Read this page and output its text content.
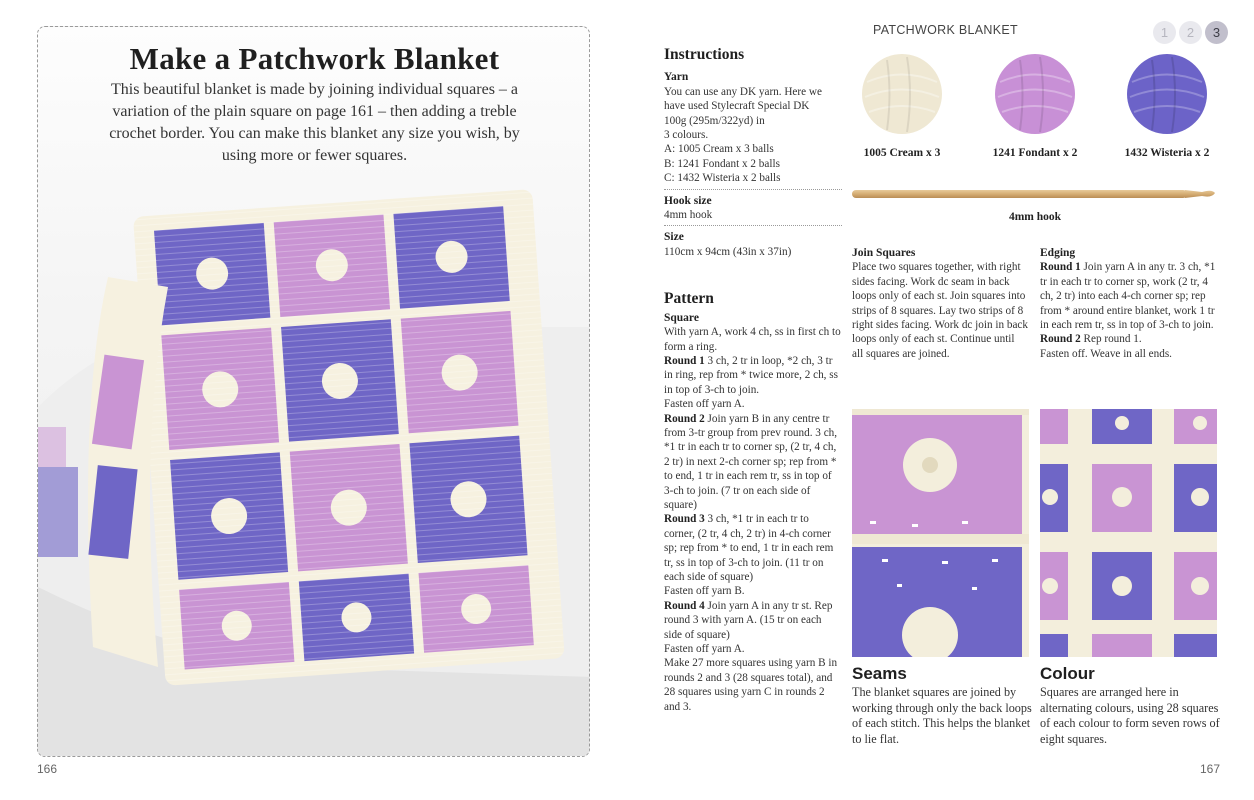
Make a Patchwork Blanket
This beautiful blanket is made by joining individual squares – a variation of the plain square on page 161 – then adding a treble crochet border. You can make this blanket any size you wish, by using more or fewer squares.
166
PATCHWORK BLANKET	1	2	3
Instructions
Yarn
You can use any DK yarn. Here we
have used Stylecraft Special DK
100g (295m/322yd) in
3 colours.
A: 1005 Cream x 3 balls
B: 1241 Fondant x 2 balls
C: 1432 Wisteria x 2 balls
Hook size
4mm hook
Size
110cm x 94cm (43in x 37in)
Pattern
Square
With yarn A, work 4 ch, ss in first ch to form a ring.
Round 1 3 ch, 2 tr in loop, *2 ch, 3 tr in ring, rep from * twice more, 2 ch, ss in top of 3-ch to join.
Fasten off yarn A.
Round 2 Join yarn B in any centre tr from 3-tr group from prev round. 3 ch, *1 tr in each tr to corner sp, (2 tr, 4 ch, 2 tr) in next 2-ch corner sp; rep from * to end, 1 tr in each rem tr, ss in top of 3-ch to join. (7 tr on each side of square)
Round 3 3 ch, *1 tr in each tr to corner, (2 tr, 4 ch, 2 tr) in 4-ch corner sp; rep from * to end, 1 tr in each rem tr, ss in top of 3-ch to join. (11 tr on each side of square)
Fasten off yarn B.
Round 4 Join yarn A in any tr st. Rep round 3 with yarn A. (15 tr on each side of square)
Fasten off yarn A.
Make 27 more squares using yarn B in rounds 2 and 3 (28 squares total), and 28 squares using yarn C in rounds 2 and 3.
1005 Cream x 3	1241 Fondant x 2	1432 Wisteria x 2
4mm hook
Join Squares
Place two squares together, with right sides facing. Work dc seam in back loops only of each st. Join squares into strips of 8 squares. Lay two strips of 8 right sides facing. Work dc join in back loops only of each st. Continue until all squares are joined.
Edging
Round 1 Join yarn A in any tr. 3 ch, *1 tr in each tr to corner sp, work (2 tr, 4 ch, 2 tr) into each 4-ch corner sp; rep from * around entire blanket, work 1 tr in each rem tr, ss in top of 3-ch to join.
Round 2 Rep round 1.
Fasten off. Weave in all ends.
Seams
The blanket squares are joined by working through only the back loops of each stitch. This helps the blanket to lie flat.
Colour
Squares are arranged here in alternating colours, using 28 squares of each colour to form seven rows of eight squares.
167
